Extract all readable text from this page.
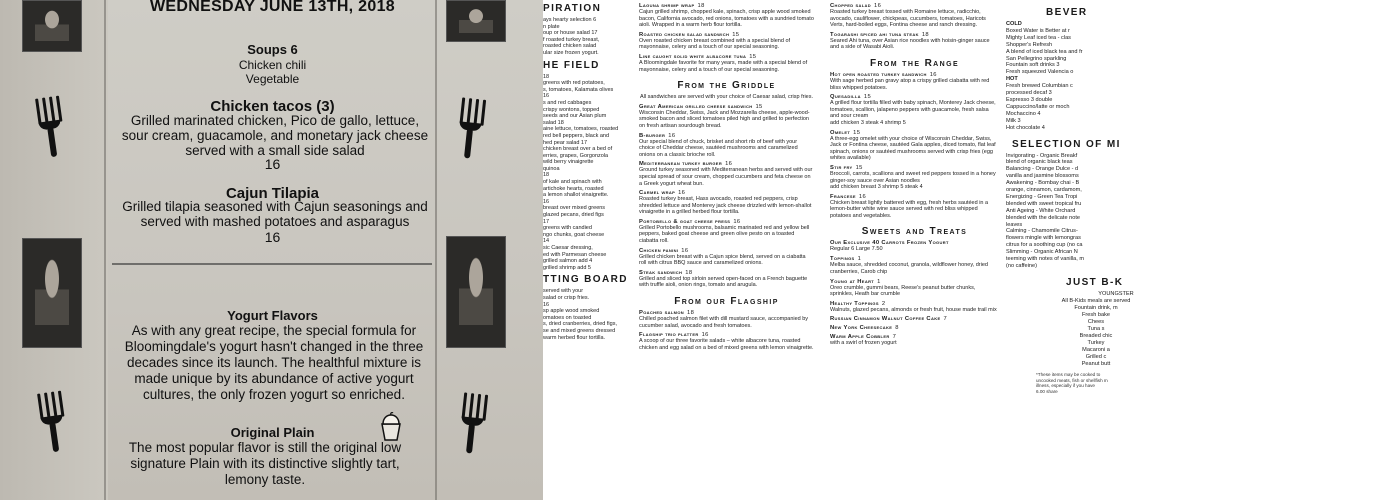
WEDNESDAY JUNE 13TH, 2018
Soups 6
Chicken chili
Vegetable
Chicken tacos (3)
Grilled marinated chicken, Pico de gallo, lettuce, sour cream, guacamole, and monetary jack cheese served with a small side salad
16
Cajun Tilapia
Grilled tilapia seasoned with Cajun seasonings and served with mashed potatoes and asparagus
16
Yogurt Flavors
As with any great recipe, the special formula for Bloomingdale's yogurt hasn't changed in the three decades since its launch. The healthful mixture is made unique by its abundance of active yogurt cultures, the only frozen yogurt so enriched.
Original Plain
The most popular flavor is still the original low signature Plain with its distinctive slightly tart, lemony taste.
PIRATION
ays hearty selection 6
n plate
oup or house salad 17
f roasted turkey breast,
roasted chicken salad
ular size frozen yogurt.
HE FIELD
18
greens with red potatoes,
s, tomatoes, Kalamata olives
16
s and red cabbages
crispy wontons, topped
seeds and our Asian plum
salad 18
aine lettuce, tomatoes, roasted
red bell peppers, black and
hed pear salad 17
chicken breast over a bed of
erries, grapes, Gorgonzola
wild berry vinaigrette
quinoa
18
of kale and spinach with
artichoke hearts, roasted
a lemon shallot vinaigrette.
16
breast over mixed greens
glazed pecans, dried figs
17
greens with candied
ngo chunks, goat cheese
14
sic Caesar dressing,
ed with Parmesan cheese
grilled salmon add 4
grilled shrimp add 5
TTING BOARD
served with your
salad or crisp fries.
16
sp apple wood smoked
omatoes on toasted
s, dried cranberries, dried figs,
se and mixed greens dressed
warm herbed flour tortilla.
Laguna shrimp wrap 18
Cajun grilled shrimp, chopped kale, spinach, crisp apple wood smoked bacon, California avocado, red onions, tomatoes with a sundried tomato aioli. Wrapped in a warm herb flour tortilla.
Roasted chicken salad sandwich 15
Oven roasted chicken breast combined with a special blend of mayonnaise, celery and a touch of our special seasoning.
Line caught solid white albacore tuna 15
A Bloomingdale favorite for many years, made with a special blend of mayonnaise, celery and a touch of our special seasoning.
From the Griddle
All sandwiches are served with your choice of Caesar salad, crisp fries.
Great American grilled cheese sandwich 15
Wisconsin Cheddar, Swiss, Jack and Mozzarella cheese, apple-wood-smoked bacon and sliced tomatoes piled high and grilled to perfection on fresh artisan sourdough bread.
B-burger 16
Our special blend of chuck, brisket and short rib of beef with your choice of Cheddar cheese, sautéed mushrooms and caramelized onions on a classic brioche roll.
Mediterranean turkey burger 16
Ground turkey seasoned with Mediterranean herbs and served with our special spread of sour cream, chopped cucumbers and feta cheese on a Greek yogurt wheat bun.
Carmel wrap 16
Roasted turkey breast, Hass avocado, roasted red peppers, crisp shredded lettuce and Monterey jack cheese drizzled with lemon-shallot vinaigrette in a grilled herbed flour tortilla.
Portobello & goat cheese press 16
Grilled Portobello mushrooms, balsamic marinated red and yellow bell peppers, baked goat cheese and green olive pesto on a toasted ciabatta roll.
Chicken panini 16
Grilled chicken breast with a Cajun spice blend, served on a ciabatta roll with citrus BBQ sauce and caramelized onions.
Steak sandwich 18
Grilled and sliced top sirloin served open-faced on a French baguette with truffle aioli, onion rings, tomato and arugula.
From our Flagship
Poached salmon 18
Chilled poached salmon filet with dill mustard sauce, accompanied by cucumber salad, avocado and fresh tomatoes.
Flagship trio platter 16
A scoop of our three favorite salads – white albacore tuna, roasted chicken and egg salad on a bed of mixed greens with lemon vinaigrette.
Chopped salad 16
Roasted turkey breast tossed with Romaine lettuce, radicchio, avocado, cauliflower, chickpeas, cucumbers, tomatoes, Haricots Verts, hard-boiled eggs, Fontina cheese and ranch dressing.
Togarashi spiced ahi tuna steak 18
Seared Ahi tuna, over Asian rice noodles with hoisin-ginger sauce and a side of Wasabi Aioli.
From the Range
Hot open roasted turkey sandwich 16
With sage herbed pan gravy atop a crispy grilled ciabatta with red bliss whipped potatoes.
Quesadilla 15
A grilled flour tortilla filled with baby spinach, Monterey Jack cheese, tomatoes, scallion, jalapeno peppers with guacamole, fresh salsa and sour cream
add chicken 3 steak 4 shrimp 5
Omelet 15
A three-egg omelet with your choice of Wisconsin Cheddar, Swiss, Jack or Fontina cheese, sautéed Gala apples, diced tomato, flat leaf spinach, onions or sautéed mushrooms served with crisp fries (egg whites available)
Stir fry 15
Broccoli, carrots, scallions and sweet red peppers tossed in a honey ginger-soy sauce over Asian noodles
add chicken breast 3 shrimp 5 steak 4
Francese 16
Chicken breast lightly battered with egg, fresh herbs sautéed in a lemon-butter white wine sauce served with red bliss whipped potatoes and vegetables.
Sweets and Treats
Our Exclusive 40 Carrots Frozen Yogurt
Regular 6 Large 7.50
Toppings 1
Melba sauce, shredded coconut, granola, wildflower honey, dried cranberries, Carob chip
Young at Heart 1
Oreo crumble, gummi bears, Reese's peanut butter chunks, sprinkles, Heath bar crumble
Healthy Toppings 2
Walnuts, glazed pecans, almonds or fresh fruit, house made trail mix
Russian Cinnamon Walnut Coffee Cake 7
New York Cheesecake 8
Warm Apple Cobbler 7
with a swirl of frozen yogurt
BEVER
COLD
Boxed Water is Better at r
Mighty Leaf iced tea - clas
Shopper's Refresh
A blend of iced black tea and fr
San Pellegrino sparkling
Fountain soft drinks 3
Fresh squeezed Valencia o
HOT
Fresh brewed Columbian c
processed decaf 3
Espresso 3 double
Cappuccino/latte or moch
Mochaccino 4
Milk 3
Hot chocolate 4
SELECTION OF MI
Invigorating - Organic Breakf
blend of organic black teas
Balancing - Orange Dulce - d
vanilla and jasmine blossoms
Awakening - Bombay chai - B
orange, cinnamon, cardamom,
Energizing - Green Tea Tropi
blended with sweet tropical fru
Anti Ageing - White Orchard
blended with the delicate note
leaves
Calming - Chamomile Citrus-
flowers mingle with lemongras
citrus for a soothing cup (no ca
Slimming - Organic African N
teeming with notes of vanilla, m
(no caffeine)
JUST B-K
YOUNGSTER
All B-Kids meals are served
Fountain drink, m
Fresh bake
Chees
Tuna s
Breaded chic
Turkey
Macaroni a
Grilled c
Peanut butt
*These items may be cooked to
uncooked meats, fish or shellfish m
illness, especially if you have
6.00 share
